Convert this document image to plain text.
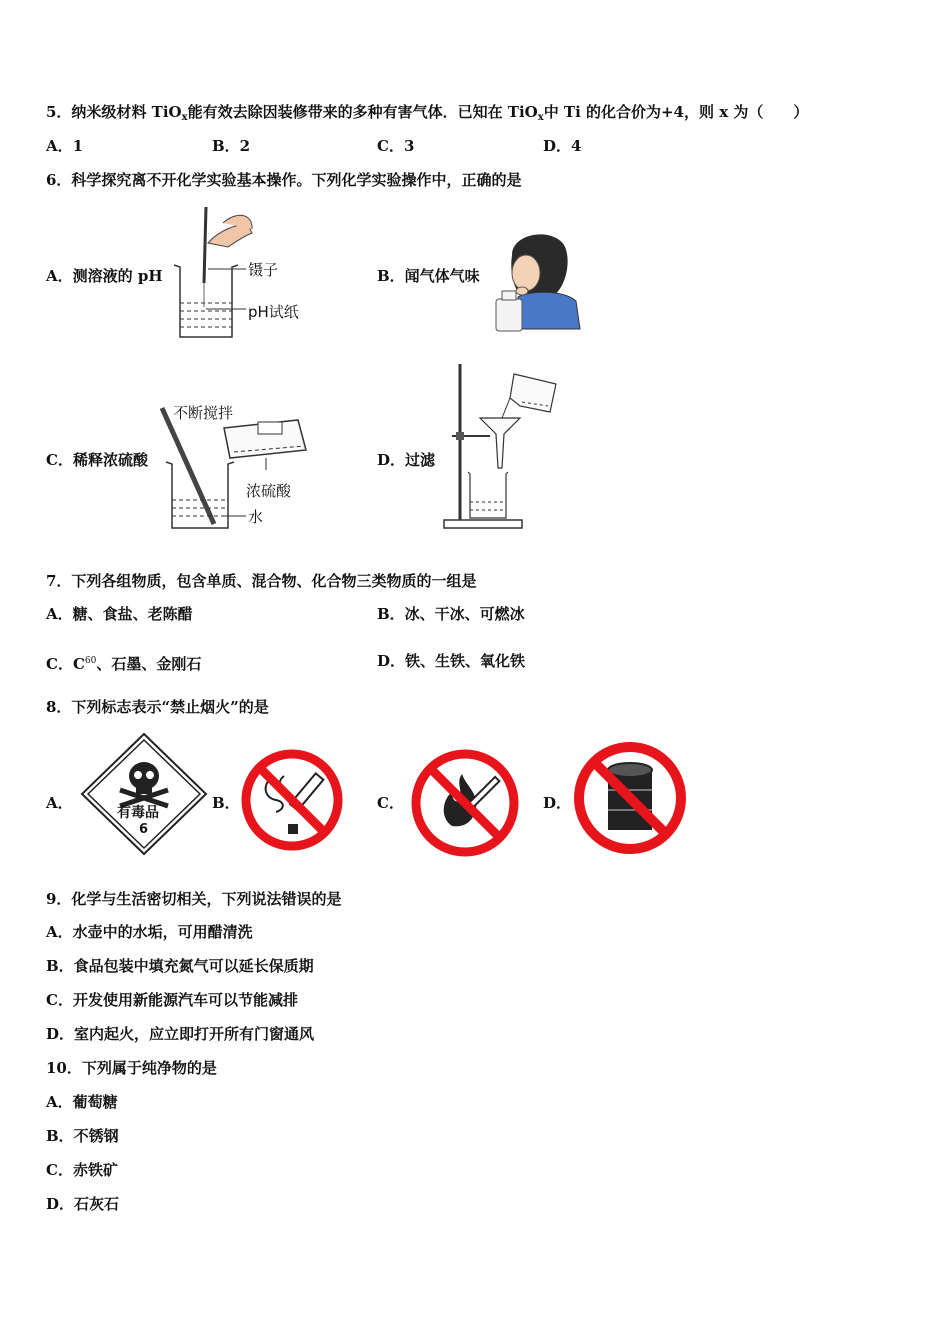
5．纳米级材料 TiO$_x$能有效去除因装修带来的多种有害气体．已知在 TiO$_x$中 Ti 的化合价为+4，则 x 为（　　）
A．1	B．2	C．3	D．4
6．科学探究离不开化学实验基本操作。下列化学实验操作中，正确的是
A．测溶液的 pH	B．闻气体气味
C．稀释浓硫酸	D．过滤
镊子
pH试纸
不断搅拌
浓硫酸
水
7．下列各组物质，包含单质、混合物、化合物三类物质的一组是
A．糖、食盐、老陈醋	B．冰、干冰、可燃冰
C．$C^{60}$、石墨、金刚石	D．铁、生铁、氧化铁
8．下列标志表示“禁止烟火”的是
A．	B．	C．	D．
有毒品
6
9．化学与生活密切相关，下列说法错误的是
A．水壶中的水垢，可用醋清洗
B．食品包装中填充氮气可以延长保质期
C．开发使用新能源汽车可以节能减排
D．室内起火，应立即打开所有门窗通风
10．下列属于纯净物的是
A．葡萄糖
B．不锈钢
C．赤铁矿
D．石灰石
